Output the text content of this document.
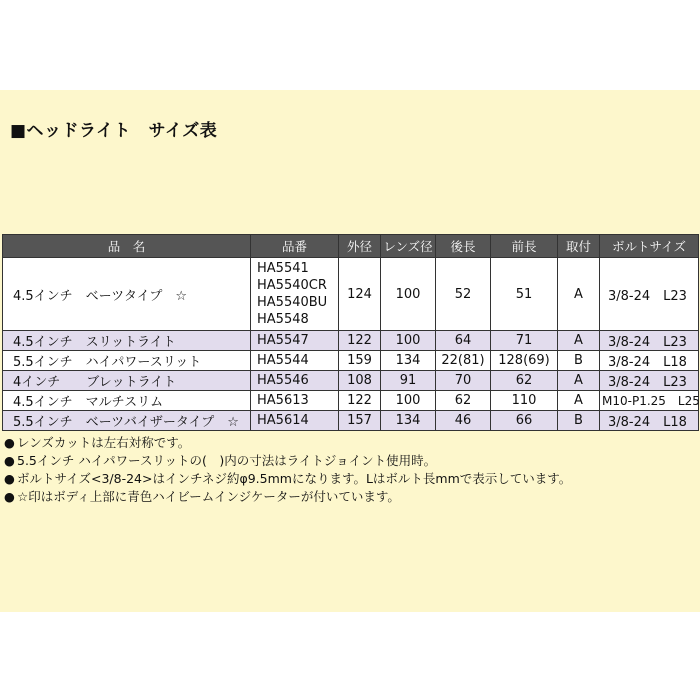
■ヘッドライト　サイズ表
品　名	品番	外径	レンズ径	後長	前長	取付	ボルトサイズ
4.5インチ　ベーツタイプ　☆	HA5541
HA5540CR
HA5540BU
HA5548	124	100	52	51	A	3/8-24　L23
4.5インチ　スリットライト	HA5547	122	100	64	71	A	3/8-24　L23
5.5インチ　ハイパワースリット	HA5544	159	134	22(81)	128(69)	B	3/8-24　L18
4インチ　　ブレットライト	HA5546	108	91	70	62	A	3/8-24　L23
4.5インチ　マルチスリム	HA5613	122	100	62	110	A	M10-P1.25　L25
5.5インチ　ベーツバイザータイプ　☆	HA5614	157	134	46	66	B	3/8-24　L18
● レンズカットは左右対称です。
● 5.5インチ ハイパワースリットの(　)内の寸法はライトジョイント使用時。
● ボルトサイズ<3/8-24>はインチネジ約φ9.5mmになります。Lはボルト長mmで表示しています。
● ☆印はボディ上部に青色ハイビームインジケーターが付いています。
